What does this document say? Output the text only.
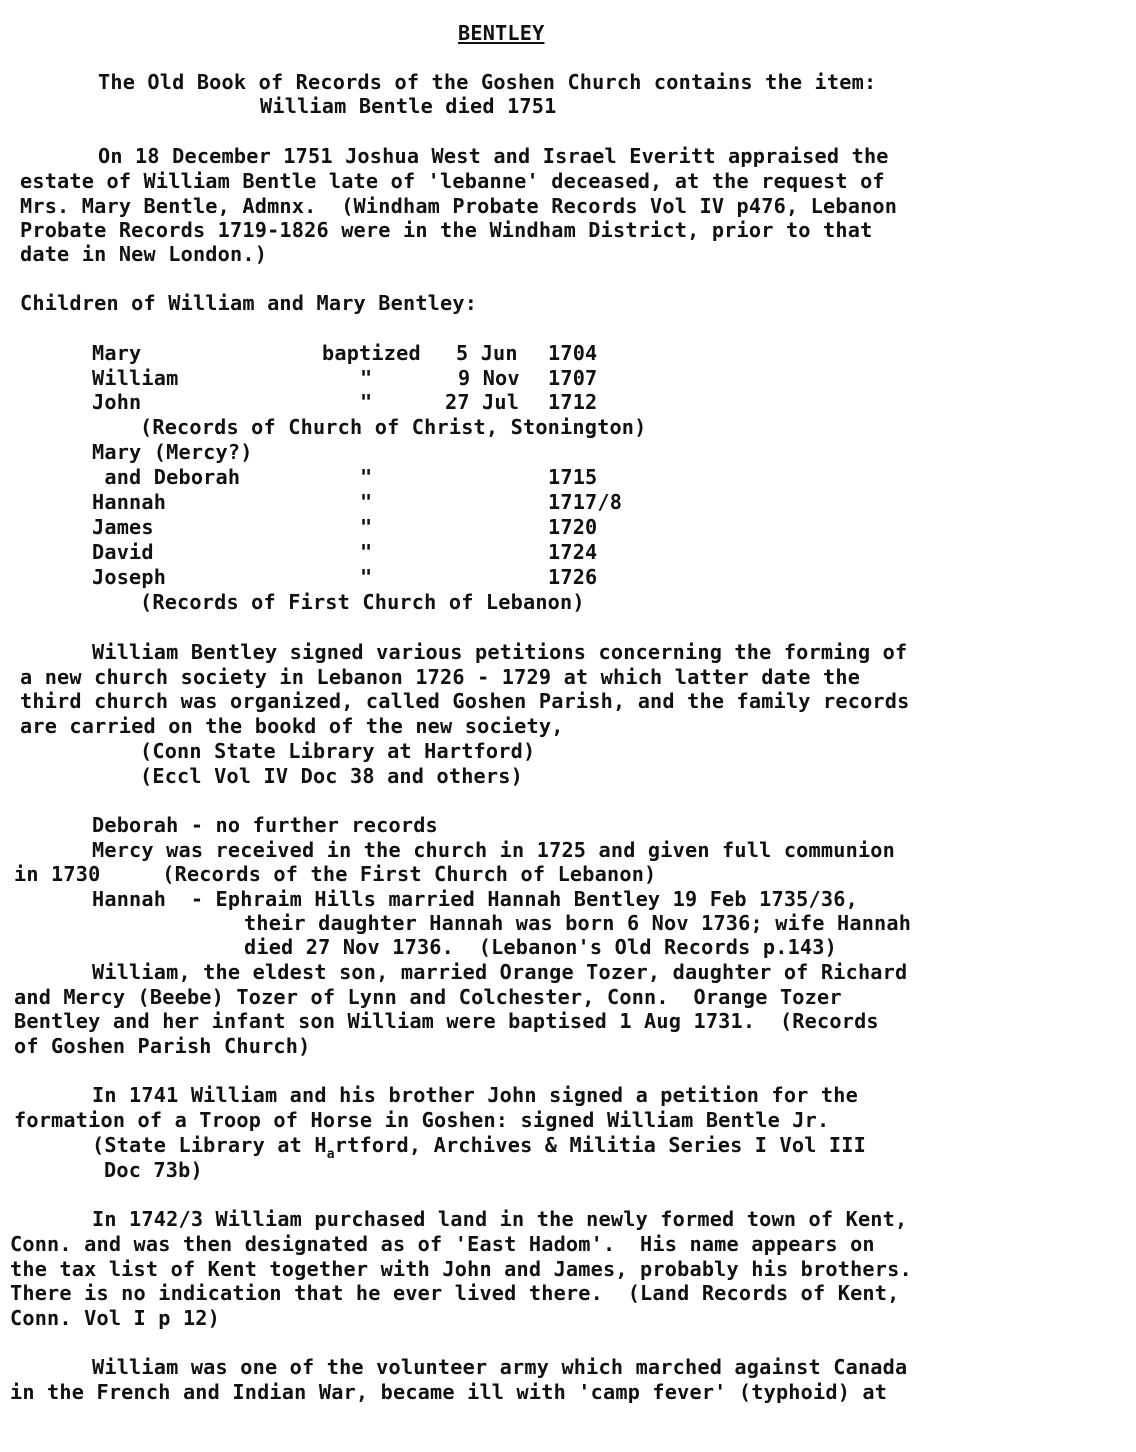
BENTLEY
The Old Book of Records of the Goshen Church contains the item:
William Bentle died 1751
On 18 December 1751 Joshua West and Israel Everitt appraised the
estate of William Bentle late of 'lebanne' deceased, at the request of
Mrs. Mary Bentle, Admnx.  (Windham Probate Records Vol IV p476, Lebanon
Probate Records 1719-1826 were in the Windham District, prior to that
date in New London.)
Children of William and Mary Bentley:
Mary	baptized 5 Jun 1704
William	"	9 Nov 1707
John	"	27 Jul 1712
(Records of Church of Christ, Stonington)
Mary (Mercy?)
and Deborah	"	1715
Hannah	"	1717/8
James	"	1720
David	"	1724
Joseph	"	1726
(Records of First Church of Lebanon)
William Bentley signed various petitions concerning the forming of
a new church society in Lebanon 1726 - 1729 at which latter date the
third church was organized, called Goshen Parish, and the family records
are carried on the bookd of the new society,
(Conn State Library at Hartford)
(Eccl Vol IV Doc 38 and others)
Deborah - no further records
Mercy was received in the church in 1725 and given full communion
in 1730     (Records of the First Church of Lebanon)
Hannah  - Ephraim Hills married Hannah Bentley 19 Feb 1735/36,
their daughter Hannah was born 6 Nov 1736; wife Hannah
died 27 Nov 1736.  (Lebanon's Old Records p.143)
William, the eldest son, married Orange Tozer, daughter of Richard
and Mercy (Beebe) Tozer of Lynn and Colchester, Conn.  Orange Tozer
Bentley and her infant son William were baptised 1 Aug 1731.  (Records
of Goshen Parish Church)
In 1741 William and his brother John signed a petition for the
formation of a Troop of Horse in Goshen: signed William Bentle Jr.
(State Library at $H_artford$, Archives & Militia Series I Vol III
Doc 73b)
In 1742/3 William purchased land in the newly formed town of Kent,
Conn. and was then designated as of 'East Hadom'.  His name appears on
the tax list of Kent together with John and James, probably his brothers.
There is no indication that he ever lived there.  (Land Records of Kent,
Conn. Vol I p 12)
William was one of the volunteer army which marched against Canada
in the French and Indian War, became ill with 'camp fever' (typhoid) at
